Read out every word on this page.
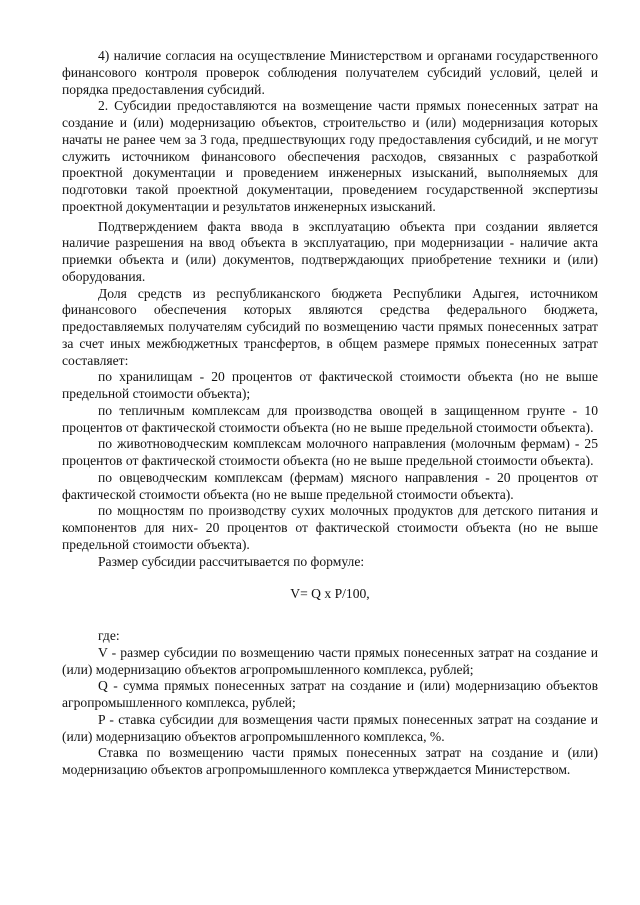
4) наличие согласия на осуществление Министерством и органами государственного финансового контроля проверок соблюдения получателем субсидий условий, целей и порядка предоставления субсидий.

2. Субсидии предоставляются на возмещение части прямых понесенных затрат на создание и (или) модернизацию объектов, строительство и (или) модернизация которых начаты не ранее чем за 3 года, предшествующих году предоставления субсидий, и не могут служить источником финансового обеспечения расходов, связанных с разработкой проектной документации и проведением инженерных изысканий, выполняемых для подготовки такой проектной документации, проведением государственной экспертизы проектной документации и результатов инженерных изысканий.

Подтверждением факта ввода в эксплуатацию объекта при создании является наличие разрешения на ввод объекта в эксплуатацию, при модернизации - наличие акта приемки объекта и (или) документов, подтверждающих приобретение техники и (или) оборудования.

Доля средств из республиканского бюджета Республики Адыгея, источником финансового обеспечения которых являются средства федерального бюджета, предоставляемых получателям субсидий по возмещению части прямых понесенных затрат за счет иных межбюджетных трансфертов, в общем размере прямых понесенных затрат составляет:

по хранилищам - 20 процентов от фактической стоимости объекта (но не выше предельной стоимости объекта);

по тепличным комплексам для производства овощей в защищенном грунте - 10 процентов от фактической стоимости объекта (но не выше предельной стоимости объекта).

по животноводческим комплексам молочного направления (молочным фермам) - 25 процентов от фактической стоимости объекта (но не выше предельной стоимости объекта).

по овцеводческим комплексам (фермам) мясного направления - 20 процентов от фактической стоимости объекта (но не выше предельной стоимости объекта).

по мощностям по производству сухих молочных продуктов для детского питания и компонентов для них- 20 процентов от фактической стоимости объекта (но не выше предельной стоимости объекта).

Размер субсидии рассчитывается по формуле:

V= Q x P/100,

где:

V - размер субсидии по возмещению части прямых понесенных затрат на создание и (или) модернизацию объектов агропромышленного комплекса, рублей;

Q - сумма прямых понесенных затрат на создание и (или) модернизацию объектов агропромышленного комплекса, рублей;

P - ставка субсидии для возмещения части прямых понесенных затрат на создание и (или) модернизацию объектов агропромышленного комплекса, %.

Ставка по возмещению части прямых понесенных затрат на создание и (или) модернизацию объектов агропромышленного комплекса утверждается Министерством.
